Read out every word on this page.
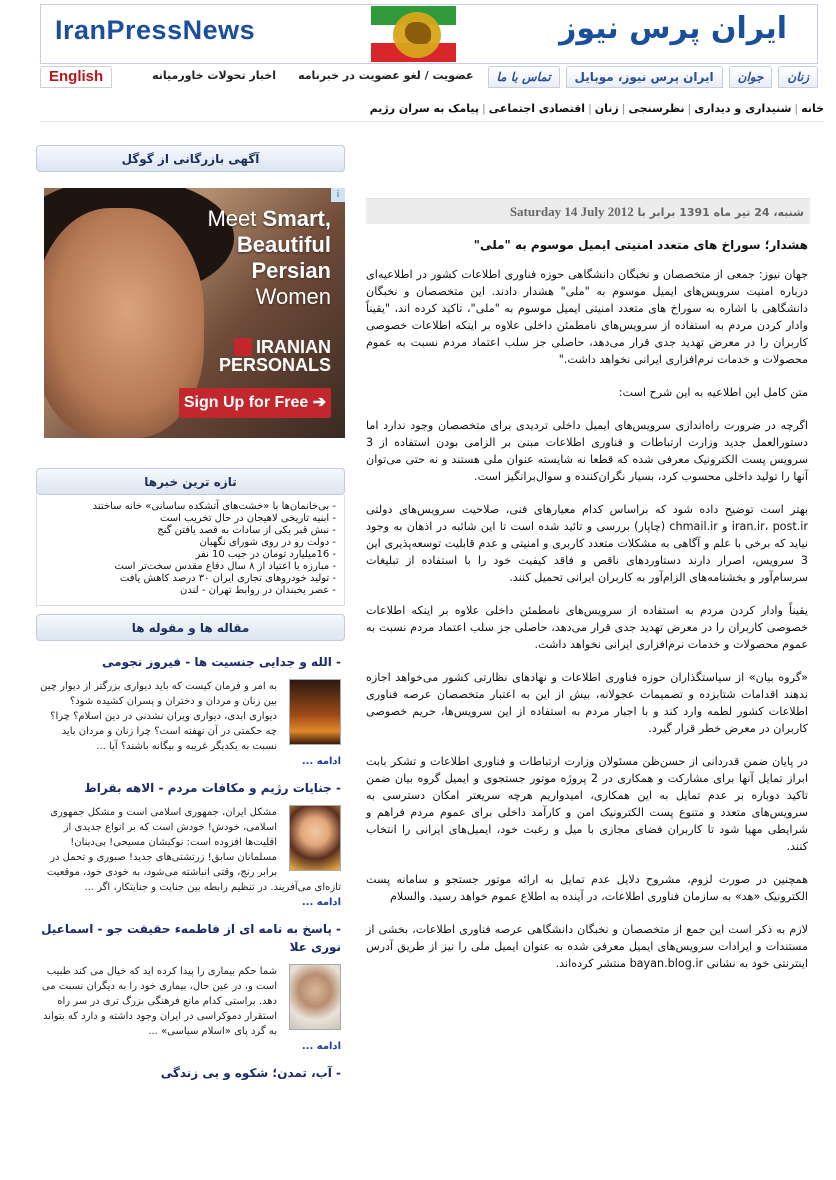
IranPressNews	ایران پرس نیوز
زنان
جوان
ایران پرس نیوز، موبایل
تماس با ما
عضویت / لغو عضویت در خبرنامه
اخبار تحولات خاورمیانه
English
خانه|شنیداری و دیداری|نظرسنجی|زنان|اقتصادی اجتماعی|پیامک به سران رژیم
شنبه، 24 تیر ماه 1391 برابر با Saturday 14 July 2012
هشدار؛ سوراخ های متعدد امنیتی ایمیل موسوم به "ملی"

جهان نیوز: جمعی از متخصصان و نخبگان دانشگاهی حوزه فناوری اطلاعات کشور در اطلاعیه‌ای درباره امنیت سرویس‌های ایمیل موسوم به "ملی" هشدار دادند. این متخصصان و نخبگان دانشگاهی با اشاره به سوراخ های متعدد امنیتی ایمیل موسوم به "ملی"، تاکید کرده اند، "یقیناً وادار کردن مردم به استفاده از سرویس‌های نامطمئن داخلی علاوه بر اینکه اطلاعات خصوصی کاربران را در معرض تهدید جدی قرار می‌دهد، حاصلی جز سلب اعتماد مردم نسبت به عموم محصولات و خدمات نرم‌افزاری ایرانی نخواهد داشت."

متن کامل این اطلاعیه به این شرح است:

اگرچه در ضرورت راه‌اندازی سرویس‌های ایمیل داخلی تردیدی برای متخصصان وجود ندارد اما دستورالعمل جدید وزارت ارتباطات و فناوری اطلاعات مبنی بر الزامی بودن استفاده از 3 سرویس پست الکترونیک معرفی شده که قطعا نه شایسته عنوان ملی هستند و نه حتی می‌توان آنها را تولید داخلی محسوب کرد، بسیار نگران‌کننده و سوال‌برانگیز است.

بهتر است توضیح داده شود که براساس کدام معیارهای فنی، صلاحیت سرویس‌های دولتی iran.ir، post.ir و chmail.ir (چاپار) بررسی و تائید شده است تا این شائبه در اذهان به وجود نیاید که برخی با علم و آگاهی به مشکلات متعدد کاربری و امنیتی و عدم قابلیت توسعه‌پذیری این 3 سرویس، اصرار دارند دستاوردهای ناقص و فاقد کیفیت خود را با استفاده از تبلیغات سرسام‌آور و بخشنامه‌های الزام‌آور به کاربران ایرانی تحمیل کنند.

یقیناً وادار کردن مردم به استفاده از سرویس‌های نامطمئن داخلی علاوه بر اینکه اطلاعات خصوصی کاربران را در معرض تهدید جدی قرار می‌دهد، حاصلی جز سلب اعتماد مردم نسبت به عموم محصولات و خدمات نرم‌افزاری ایرانی نخواهد داشت.

«گروه بیان» از سیاستگذاران حوزه فناوری اطلاعات و نهادهای نظارتی کشور می‌خواهد اجازه ندهند اقدامات شتابزده و تصمیمات عجولانه، بیش از این به اعتبار متخصصان عرصه فناوری اطلاعات کشور لطمه وارد کند و با اجبار مردم به استفاده از این سرویس‌ها، حریم خصوصی کاربران در معرض خطر قرار گیرد.

در پایان ضمن قدردانی از حسن‌ظن مسئولان وزارت ارتباطات و فناوری اطلاعات و تشکر بابت ابراز تمایل آنها برای مشارکت و همکاری در 2 پروژه موتور جستجوی و ایمیل گروه بیان ضمن تاکید دوباره بر عدم تمایل به این همکاری، امیدواریم هرچه سریعتر امکان دسترسی به سرویس‌های متعدد و متنوع پست الکترونیک امن و کارآمد داخلی برای عموم مردم فراهم و شرایطی مهیا شود تا کاربران فضای مجازی با میل و رغبت خود، ایمیل‌های ایرانی را انتخاب کنند.

همچنین در صورت لزوم، مشروح دلایل عدم تمایل به ارائه موتور جستجو و سامانه پست الکترونیک «هد» به سازمان فناوری اطلاعات، در آینده به اطلاع عموم خواهد رسید. والسلام

لازم به ذکر است این جمع از متخصصان و نخبگان دانشگاهی عرصه فناوری اطلاعات، بخشی از مستندات و ایرادات سرویس‌های ایمیل معرفی شده به عنوان ایمیل ملی را نیز از طریق آدرس اینترنتی خود به نشانی bayan.blog.ir منتشر کرده‌اند.

آگهی بازرگانی از گوگل
i
Meet Smart,
Beautiful
Persian
Women
IRANIAN
PERSONALS
Sign Up for Free ➔
تازه ترین خبرها
- بی‌خانمان‌ها با «خشت‌های آتشکده ساسانی» خانه ساختند
- ابنیه تاریخی لاهیجان در حال تخریب است
- نبش قبر یکی از سادات به قصد یافتن گنج
- دولت رو در روی شورای نگهبان
- 16میلیارد تومان در جیب 10 نفر
- مبارزه با اعتیاد از ۸ سال دفاع مقدس سخت‌تر است
- تولید خودروهای تجاری ایران ۳۰ درصد کاهش یافت
- عصر یخبندان در روابط تهران - لندن
مقاله ها و مقوله ها
- الله و جدایی جنسیت ها - فیروز نجومی
به امر و فرمان کیست که باید دیواری بزرگتر از دیوار چین بین زنان و مردان و دختران و پسران کشیده شود؟ دیواری ابدی، دیواری ویران نشدنی در دین اسلام؟ چرا؟ چه حکمتی در آن نهفته است؟ چرا زنان و مردان باید نسبت به یکدیگر غریبه و بیگانه باشند؟ آیا ...
ادامه ...
- جنایات رژیم و مکافات مردم - الاهه بقراط
مشکل ایران، جمهوری اسلامی است و مشکل جمهوری اسلامی، خودش! خودش است که بر انواع جدیدی از اقلیت‌ها افزوده است: نوکیشان مسیحی! بی‌دینان! مسلمانان سابق! زرتشتی‌های جدید! صبوری و تحمل در برابر رنج، وقتی انباشته می‌شود، به خودی خود، موقعیت تازه‌ای می‌آفریند. در تنظیم رابطه بین جنایت و جنایتکار، اگر ...
ادامه ...
- پاسخ به نامه ای از فاطمه‌ء حقیقت جو - اسماعیل نوری علا
شما حکم بیماری را پیدا کرده اید که خیال می کند طبیب است و، در عین حال، بیماری خود را به دیگران نسبت می دهد. براستی کدام مانع فرهنگی بزرگ تری در سر راه استقرار دموکراسی در ایران وجود داشته و دارد که بتواند به گرد پای «اسلام سیاسی» ...
ادامه ...
- آب، تمدن؛ شکوه و بی زندگی
